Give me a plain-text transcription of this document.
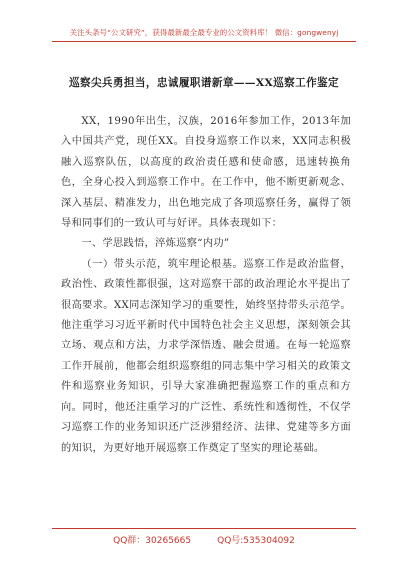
关注头条号“公文研究”，获得最新最全最专业的公文资料库！ 微信：gongwenyj
巡察尖兵勇担当，忠诚履职谱新章——XX巡察工作鉴定

XX，1990年出生，汉族，2016年参加工作，2013年加入中国共产党，现任XX。自投身巡察工作以来，XX同志积极融入巡察队伍，以高度的政治责任感和使命感，迅速转换角色，全身心投入到巡察工作中。在工作中，他不断更新观念、深入基层、精准发力，出色地完成了各项巡察任务，赢得了领导和同事们的一致认可与好评。具体表现如下：

一、学思践悟，淬炼巡察“内功”

（一）带头示范，筑牢理论根基。巡察工作是政治监督，政治性、政策性都很强，这对巡察干部的政治理论水平提出了很高要求。XX同志深知学习的重要性，始终坚持带头示范学。他注重学习习近平新时代中国特色社会主义思想，深刻领会其立场、观点和方法，力求学深悟透、融会贯通。在每一轮巡察工作开展前，他都会组织巡察组的同志集中学习相关的政策文件和巡察业务知识，引导大家准确把握巡察工作的重点和方向。同时，他还注重学习的广泛性、系统性和透彻性，不仅学习巡察工作的业务知识还广泛涉猎经济、法律、党建等多方面的知识，为更好地开展巡察工作奠定了坚实的理论基础。

QQ群：30265665	QQ号:535304092
